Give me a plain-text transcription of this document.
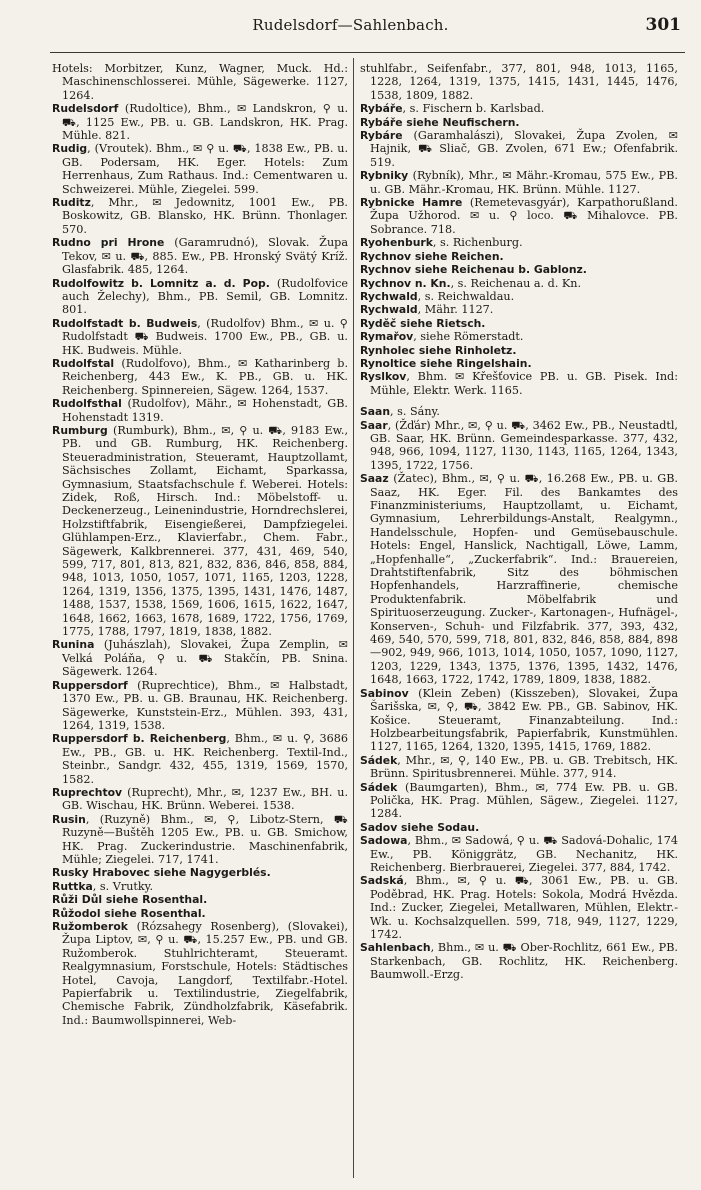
Rudelsdorf—Sahlenbach.	301
Hotels: Morbitzer, Kunz, Wagner, Muck. Hd.: Maschinenschlosserei. Mühle, Sägewerke. 1127, 1264.
Rudelsdorf (Rudoltice), Bhm., ✉ Landskron, ⚲ u. ⛟, 1125 Ew., PB. u. GB. Landskron, HK. Prag. Mühle. 821.
Rudig, (Vroutek). Bhm., ✉ ⚲ u. ⛟, 1838 Ew., PB. u. GB. Podersam, HK. Eger. Hotels: Zum Herrenhaus, Zum Rathaus. Ind.: Cementwaren u. Schweizerei. Mühle, Ziegelei. 599.
Ruditz, Mhr., ✉ Jedownitz, 1001 Ew., PB. Boskowitz, GB. Blansko, HK. Brünn. Thonlager. 570.
Rudno pri Hrone (Garamrudnó), Slovak. Župa Tekov, ✉ u. ⛟, 885. Ew., PB. Hronský Svätý Kríž. Glasfabrik. 485, 1264.
Rudolfowitz b. Lomnitz a. d. Pop. (Rudolfovice auch Želechy), Bhm., PB. Semil, GB. Lomnitz. 801.
Rudolfstadt b. Budweis, (Rudolfov) Bhm., ✉ u. ⚲ Rudolfstadt ⛟ Budweis. 1700 Ew., PB., GB. u. HK. Budweis. Mühle.
Rudolfstal (Rudolfovo), Bhm., ✉ Katharinberg b. Reichenberg, 443 Ew., K. PB., GB. u. HK. Reichenberg. Spinnereien, Sägew. 1264, 1537.
Rudolfsthal (Rudolfov), Mähr., ✉ Hohenstadt, GB. Hohenstadt 1319.
Rumburg (Rumburk), Bhm., ✉, ⚲ u. ⛟, 9183 Ew., PB. und GB. Rumburg, HK. Reichenberg. Steueradministration, Steueramt, Hauptzollamt, Sächsisches Zollamt, Eichamt, Sparkassa, Gymnasium, Staatsfachschule f. Weberei. Hotels: Zidek, Roß, Hirsch. Ind.: Möbelstoff- u. Deckenerzeug., Leinenindustrie, Horndrechslerei, Holzstiftfabrik, Eisengießerei, Dampfziegelei. Glühlampen-Erz., Klavierfabr., Chem. Fabr., Sägewerk, Kalkbrennerei. 377, 431, 469, 540, 599, 717, 801, 813, 821, 832, 836, 846, 858, 884, 948, 1013, 1050, 1057, 1071, 1165, 1203, 1228, 1264, 1319, 1356, 1375, 1395, 1431, 1476, 1487, 1488, 1537, 1538, 1569, 1606, 1615, 1622, 1647, 1648, 1662, 1663, 1678, 1689, 1722, 1756, 1769, 1775, 1788, 1797, 1819, 1838, 1882.
Runina (Juhászlah), Slovakei, Župa Zemplin, ✉ Velká Poláňa, ⚲ u. ⛟ Stakčín, PB. Snina. Sägewerk. 1264.
Ruppersdorf (Ruprechtice), Bhm., ✉ Halbstadt, 1370 Ew., PB. u. GB. Braunau, HK. Reichenberg. Sägewerke, Kunststein-Erz., Mühlen. 393, 431, 1264, 1319, 1538.
Ruppersdorf b. Reichenberg, Bhm., ✉ u. ⚲, 3686 Ew., PB., GB. u. HK. Reichenberg. Textil-Ind., Steinbr., Sandgr. 432, 455, 1319, 1569, 1570, 1582.
Ruprechtov (Ruprecht), Mhr., ✉, 1237 Ew., BH. u. GB. Wischau, HK. Brünn. Weberei. 1538.
Rusin, (Ruzyně) Bhm., ✉, ⚲, Libotz-Stern, ⛟ Ruzyně—Buštěh 1205 Ew., PB. u. GB. Smichow, HK. Prag. Zuckerindustrie. Maschinenfabrik, Mühle; Ziegelei. 717, 1741.
Rusky Hrabovec siehe Nagygerblés.
Ruttka, s. Vrutky.
Růži Důl siehe Rosenthal.
Růžodol siehe Rosenthal.
Ružomberok (Rózsahegy Rosenberg), (Slovakei), Župa Liptov, ✉, ⚲ u. ⛟, 15.257 Ew., PB. und GB. Ružomberok. Stuhlrichteramt, Steueramt. Realgymnasium, Forstschule, Hotels: Städtisches Hotel, Cavoja, Langdorf, Textilfabr.-Hotel. Papierfabrik u. Textilindustrie, Ziegelfabrik, Chemische Fabrik, Zündholzfabrik, Käsefabrik. Ind.: Baumwollspinnerei, Web-
stuhlfabr., Seifenfabr., 377, 801, 948, 1013, 1165, 1228, 1264, 1319, 1375, 1415, 1431, 1445, 1476, 1538, 1809, 1882.
Rybáře, s. Fischern b. Karlsbad.
Rybáře siehe Neufischern.
Rybáre (Garamhalászi), Slovakei, Župa Zvolen, ✉ Hajnik, ⛟ Sliač, GB. Zvolen, 671 Ew.; Ofenfabrik. 519.
Rybniky (Rybník), Mhr., ✉ Mähr.-Kromau, 575 Ew., PB. u. GB. Mähr.-Kromau, HK. Brünn. Mühle. 1127.
Rybnicke Hamre (Remetevasgyár), Karpathorußland. Župa Užhorod. ✉ u. ⚲ loco. ⛟ Mihalovce. PB. Sobrance. 718.
Ryohenburk, s. Richenburg.
Rychnov siehe Reichen.
Rychnov siehe Reichenau b. Gablonz.
Rychnov n. Kn., s. Reichenau a. d. Kn.
Rychwald, s. Reichwaldau.
Rychwald, Mähr. 1127.
Ryděč siehe Rietsch.
Rymařov, siehe Römerstadt.
Rynholec siehe Rinholetz.
Rynoltice siehe Ringelshain.
Ryslkov, Bhm. ✉ Křešťovice PB. u. GB. Pisek. Ind: Mühle, Elektr. Werk. 1165.
Saan, s. Sány.
Saar, (Žďár) Mhr., ✉, ⚲ u. ⛟, 3462 Ew., PB., Neustadtl, GB. Saar, HK. Brünn. Gemeindesparkasse. 377, 432, 948, 966, 1094, 1127, 1130, 1143, 1165, 1264, 1343, 1395, 1722, 1756.
Saaz (Žatec), Bhm., ✉, ⚲ u. ⛟, 16.268 Ew., PB. u. GB. Saaz, HK. Eger. Fil. des Bankamtes des Finanzministeriums, Hauptzollamt, u. Eichamt, Gymnasium, Lehrerbildungs-Anstalt, Realgymn., Handelsschule, Hopfen- und Gemüsebauschule. Hotels: Engel, Hanslick, Nachtigall, Löwe, Lamm, „Hopfenhalle“, „Zuckerfabrik“. Ind.: Brauereien, Drahtstiftenfabrik, Sitz des böhmischen Hopfenhandels, Harzraffinerie, chemische Produktenfabrik. Möbelfabrik und Spirituoserzeugung. Zucker-, Kartonagen-, Hufnägel-, Konserven-, Schuh- und Filzfabrik. 377, 393, 432, 469, 540, 570, 599, 718, 801, 832, 846, 858, 884, 898—902, 949, 966, 1013, 1014, 1050, 1057, 1090, 1127, 1203, 1229, 1343, 1375, 1376, 1395, 1432, 1476, 1648, 1663, 1722, 1742, 1789, 1809, 1838, 1882.
Sabinov (Klein Zeben) (Kisszeben), Slovakei, Župa Šarišska, ✉, ⚲, ⛟, 3842 Ew. PB., GB. Sabinov, HK. Košice. Steueramt, Finanzabteilung. Ind.: Holzbearbeitungsfabrik, Papierfabrik, Kunstmühlen. 1127, 1165, 1264, 1320, 1395, 1415, 1769, 1882.
Sádek, Mhr., ✉, ⚲, 140 Ew., PB. u. GB. Trebitsch, HK. Brünn. Spiritusbrennerei. Mühle. 377, 914.
Sádek (Baumgarten), Bhm., ✉, 774 Ew. PB. u. GB. Polička, HK. Prag. Mühlen, Sägew., Ziegelei. 1127, 1284.
Sadov siehe Sodau.
Sadowa, Bhm., ✉ Sadowá, ⚲ u. ⛟ Sadová-Dohalic, 174 Ew., PB. Königgrätz, GB. Nechanitz, HK. Reichenberg. Bierbrauerei, Ziegelei. 377, 884, 1742.
Sadská, Bhm., ✉, ⚲ u. ⛟, 3061 Ew., PB. u. GB. Poděbrad, HK. Prag. Hotels: Sokola, Modrá Hvězda. Ind.: Zucker, Ziegelei, Metallwaren, Mühlen, Elektr.-Wk. u. Kochsalzquellen. 599, 718, 949, 1127, 1229, 1742.
Sahlenbach, Bhm., ✉ u. ⛟ Ober-Rochlitz, 661 Ew., PB. Starkenbach, GB. Rochlitz, HK. Reichenberg. Baumwoll.-Erzg.
